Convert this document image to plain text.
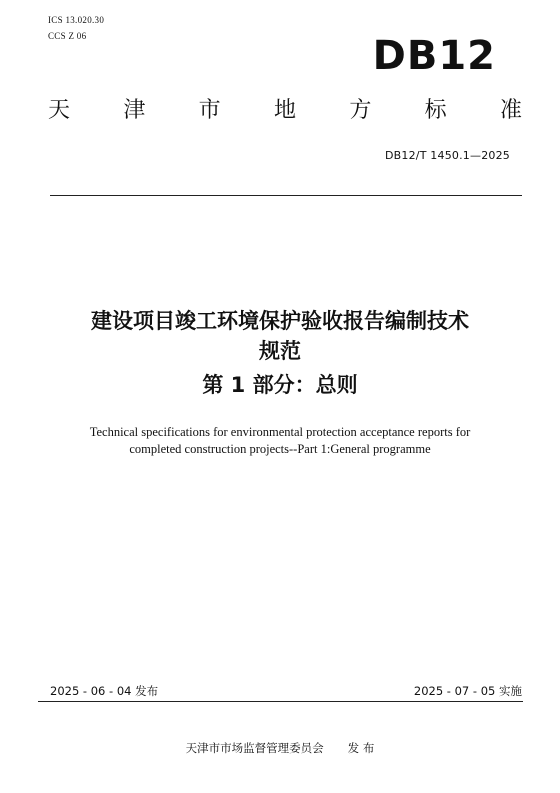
ICS 13.020.30
CCS Z 06	DB12
天 津 市 地 方 标 准
DB12/T 1450.1—2025
建设项目竣工环境保护验收报告编制技术
规范
第 1 部分：总则
Technical specifications for environmental protection acceptance reports for
completed construction projects--Part 1:General programme
2025 - 06 - 04 发布	2025 - 07 - 05 实施
天津市市场监督管理委员会 发 布
